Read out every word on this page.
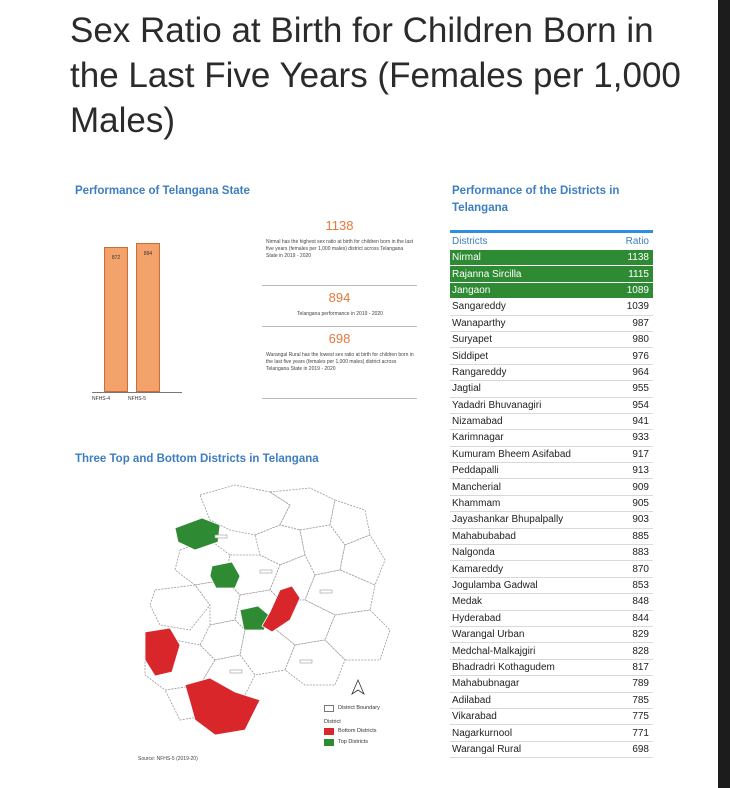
Sex Ratio at Birth for Children Born in the Last Five Years (Females per 1,000 Males)
Performance of Telangana State
872
NFHS-4
894
NFHS-5
1138
Nirmal has the highest sex ratio at birth for children born in the last five years (females per 1,000 males) district across Telangana State in 2019 - 2020
894
Telangana performance in 2019 - 2020
698
Warangal Rural has the lowest sex ratio at birth for children born in the last five years (females per 1,000 males) district across Telangana State in 2019 - 2020
Performance of the Districts in Telangana
Districts	Ratio
Nirmal	1138
Rajanna Sircilla	1115
Jangaon	1089
Sangareddy	1039
Wanaparthy	987
Suryapet	980
Siddipet	976
Rangareddy	964
Jagtial	955
Yadadri Bhuvanagiri	954
Nizamabad	941
Karimnagar	933
Kumuram Bheem Asifabad	917
Peddapalli	913
Mancherial	909
Khammam	905
Jayashankar Bhupalpally	903
Mahabubabad	885
Nalgonda	883
Kamareddy	870
Jogulamba Gadwal	853
Medak	848
Hyderabad	844
Warangal Urban	829
Medchal-Malkajgiri	828
Bhadradri Kothagudem	817
Mahabubnagar	789
Adilabad	785
Vikarabad	775
Nagarkurnool	771
Warangal Rural	698
Three Top and Bottom Districts in Telangana
District Boundary
District
Bottom Districts
Top Districts
Source: NFHS-5 (2019-20)
